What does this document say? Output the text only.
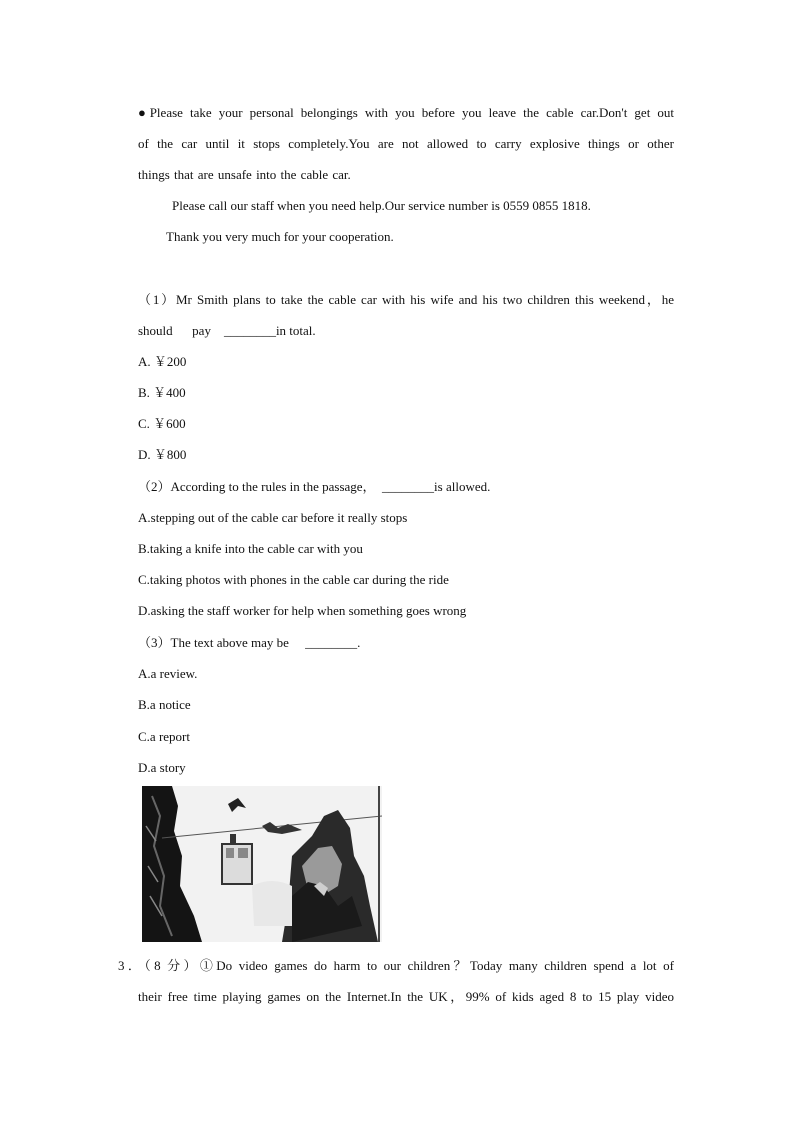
●Please take your personal belongings with you before you leave the cable car.Don't get out
of the car until it stops completely.You are not allowed to carry explosive things or other
things that are unsafe into the cable car.
Please call our staff when you need help.Our service number is 0559 0855 1818.
Thank you very much for your cooperation.
（1）Mr Smith plans to take the cable car with his wife and his two children this weekend，he
should      pay    ________in total.
A. ￥200
B. ￥400
C. ￥600
D. ￥800
（2）According to the rules in the passage，  ________is allowed.
A.stepping out of the cable car before it really stops
B.taking a knife into the cable car with you
C.taking photos with phones in the cable car during the ride
D.asking the staff worker for help when something goes wrong
（3）The text above may be     ________.
A.a review.
B.a notice
C.a report
D.a story
3．（8 分）①Do video games do harm to our children？Today many children spend a lot of
their free time playing games on the Internet.In the UK，99% of kids aged 8 to 15 play video
